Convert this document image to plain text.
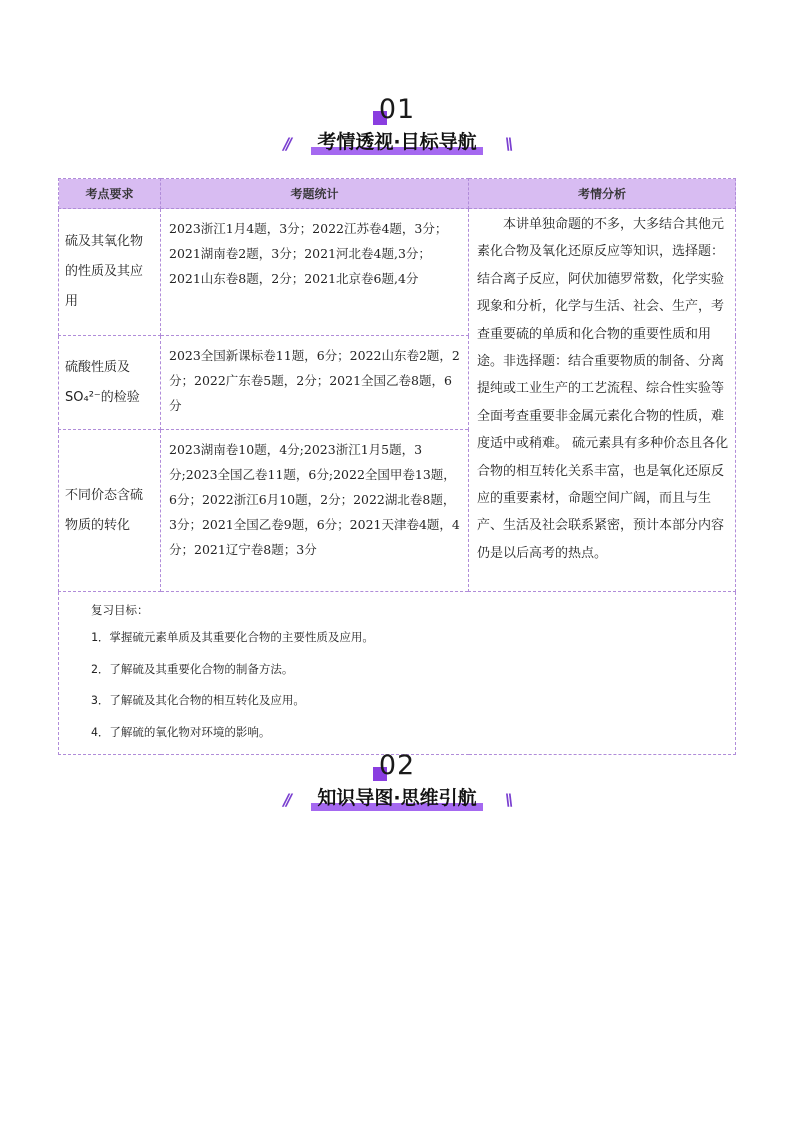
01
// 考情透视·目标导航 \\
考点要求	考题统计	考情分析
硫及其氧化物的性质及其应用	2023浙江1月4题，3分；2022江苏卷4题，3分；2021湖南卷2题，3分；2021河北卷4题,3分；2021山东卷8题，2分；2021北京卷6题,4分	本讲单独命题的不多，大多结合其他元素化合物及氧化还原反应等知识，选择题：结合离子反应，阿伏加德罗常数，化学实验现象和分析，化学与生活、社会、生产，考查重要硫的单质和化合物的重要性质和用途。非选择题：结合重要物质的制备、分离提纯或工业生产的工艺流程、综合性实验等全面考查重要非金属元素化合物的性质，难度适中或稍难。 硫元素具有多种价态且各化合物的相互转化关系丰富，也是氧化还原反应的重要素材，命题空间广阔，而且与生产、生活及社会联系紧密，预计本部分内容仍是以后高考的热点。
硫酸性质及SO₄²⁻的检验	2023全国新课标卷11题，6分；2022山东卷2题，2分；2022广东卷5题，2分；2021全国乙卷8题，6分	
不同价态含硫物质的转化	2023湖南卷10题，4分;2023浙江1月5题，3分;2023全国乙卷11题，6分;2022全国甲卷13题，6分；2022浙江6月10题，2分；2022湖北卷8题，3分；2021全国乙卷9题，6分；2021天津卷4题，4分；2021辽宁卷8题；3分	

复习目标：
1．掌握硫元素单质及其重要化合物的主要性质及应用。
2．了解硫及其重要化合物的制备方法。
3．了解硫及其化合物的相互转化及应用。
4．了解硫的氧化物对环境的影响。		
02
// 知识导图·思维引航 \\
